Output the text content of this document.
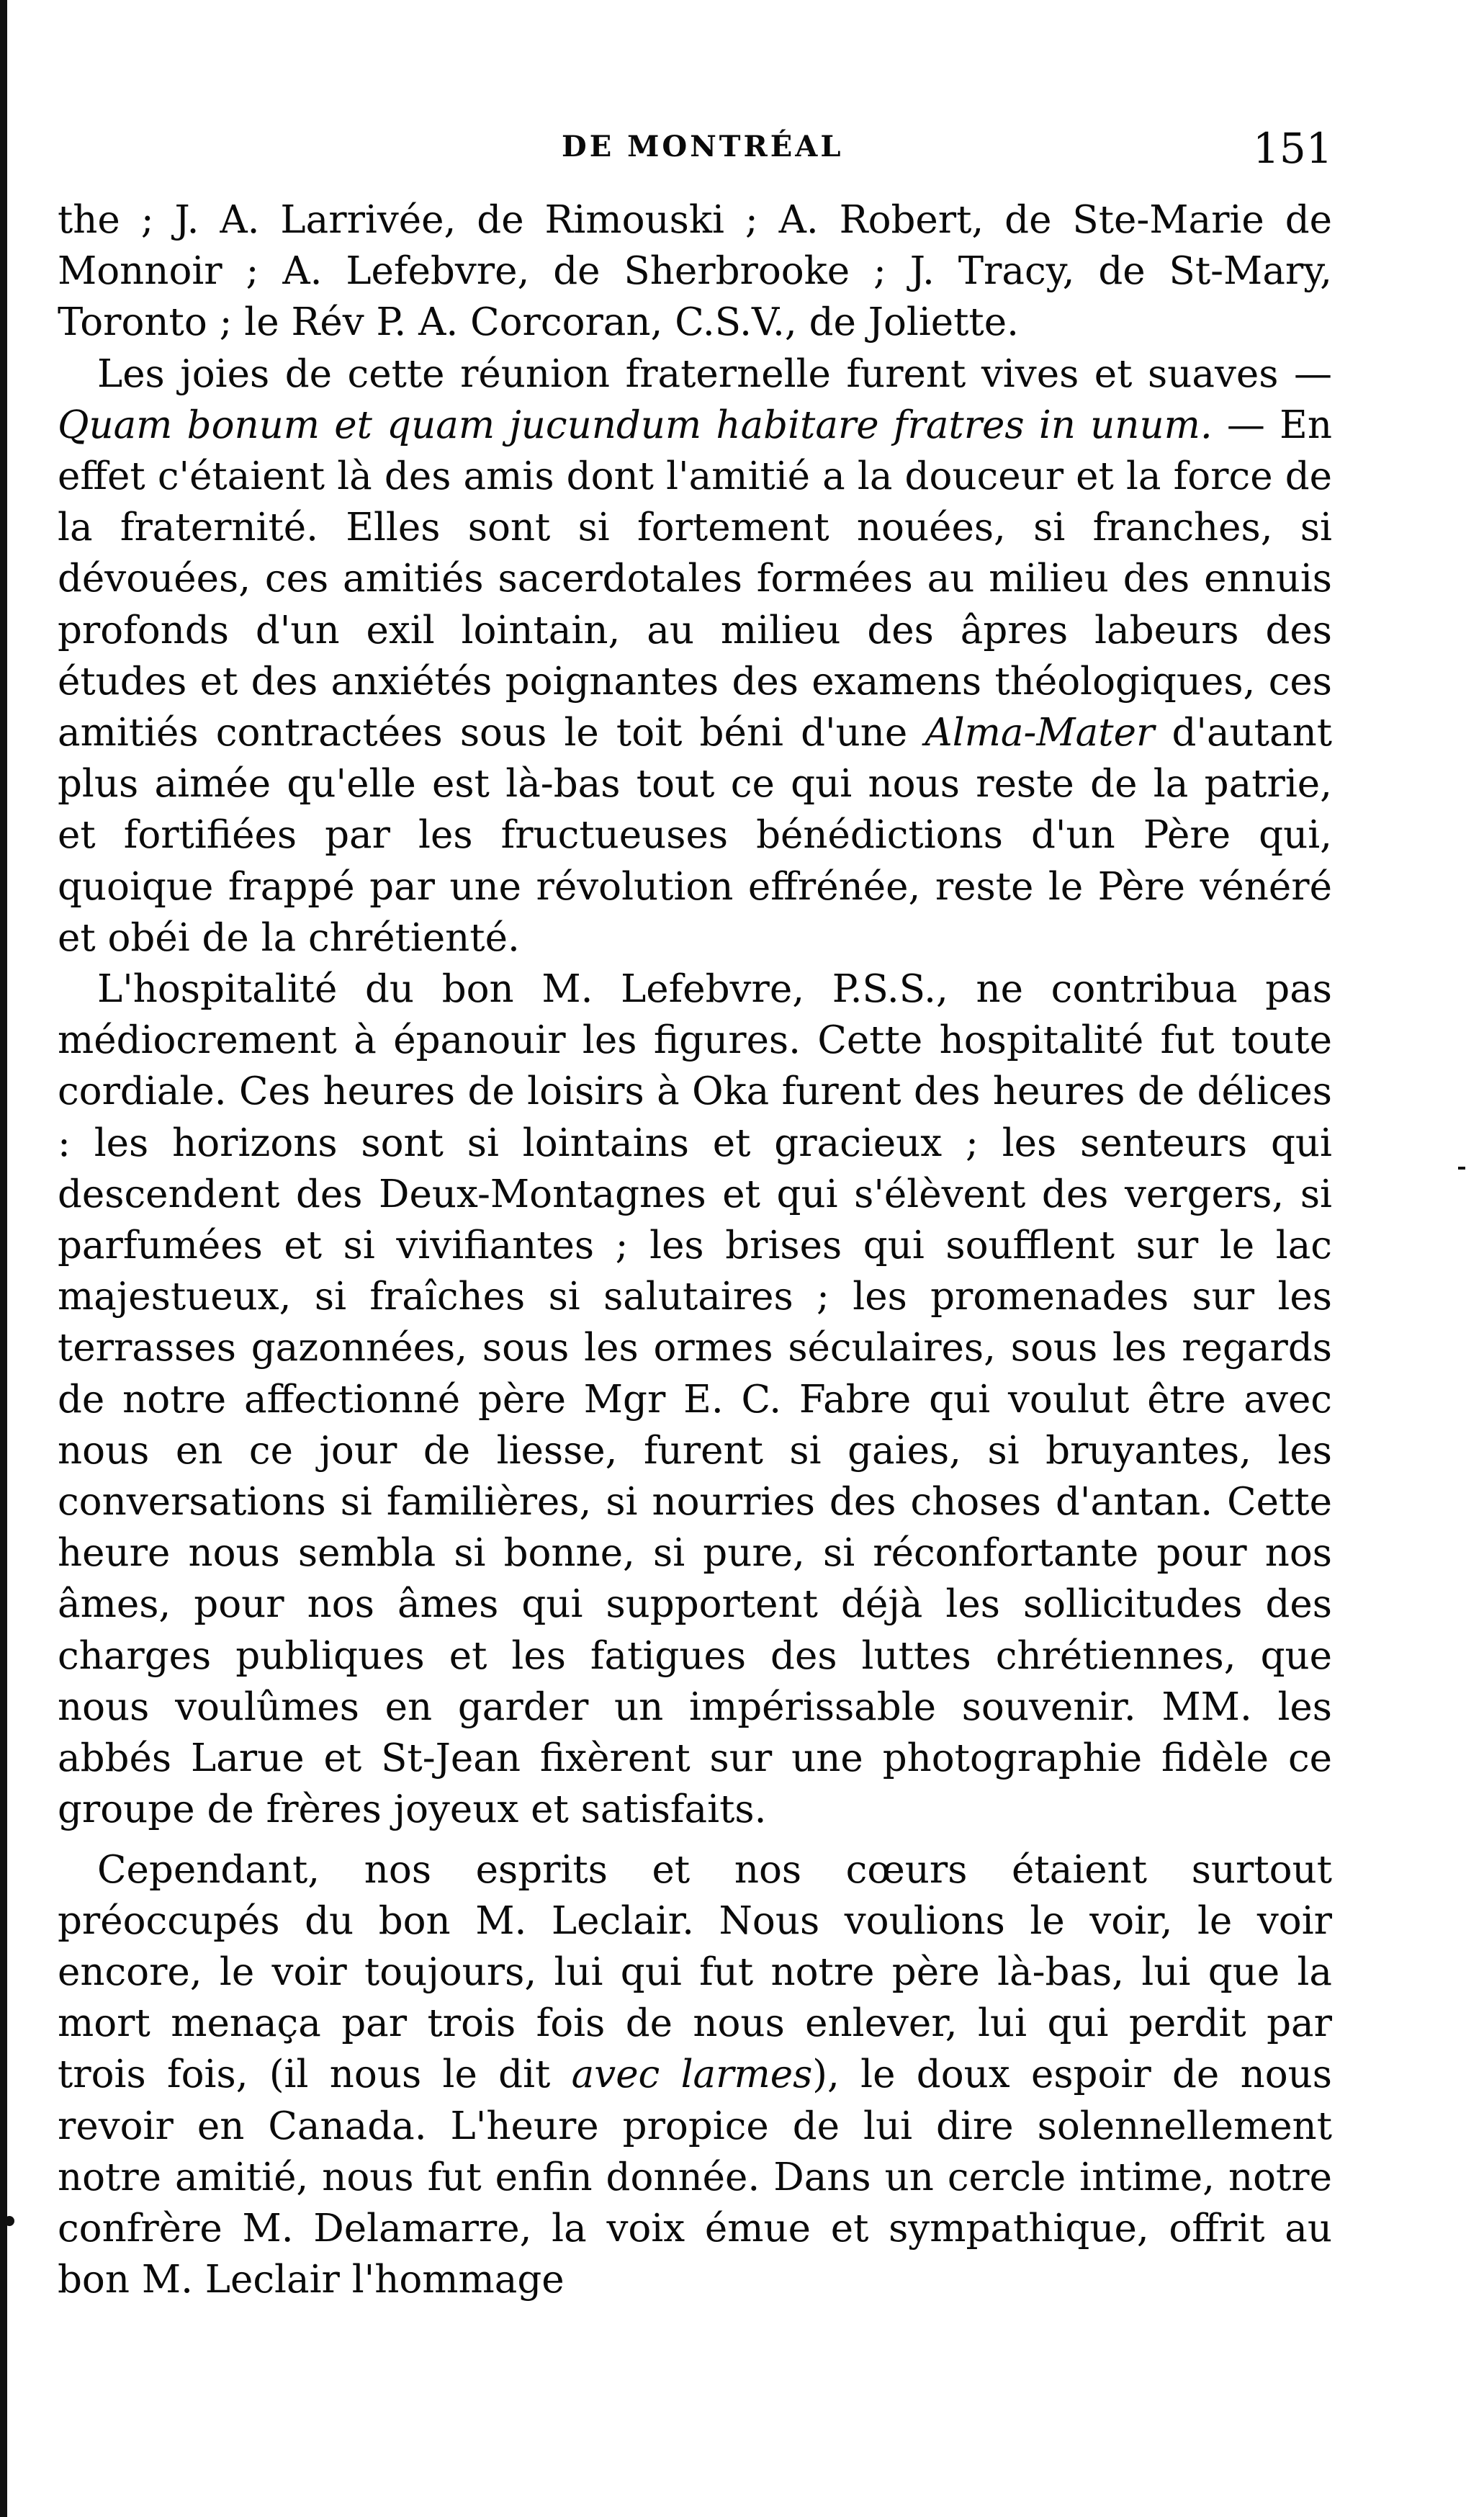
DE MONTRÉAL	151

the ; J. A. Larrivée, de Rimouski ; A. Robert, de Ste-Marie de Monnoir ; A. Lefebvre, de Sherbrooke ; J. Tracy, de St-Mary, Toronto ; le Rév P. A. Corcoran, C.S.V., de Joliette.

Les joies de cette réunion fraternelle furent vives et suaves — Quam bonum et quam jucundum habitare fratres in unum. — En effet c'étaient là des amis dont l'amitié a la douceur et la force de la fraternité. Elles sont si fortement nouées, si franches, si dévouées, ces amitiés sacerdotales formées au milieu des ennuis profonds d'un exil lointain, au milieu des âpres labeurs des études et des anxiétés poignantes des examens théologiques, ces amitiés contractées sous le toit béni d'une Alma-Mater d'autant plus aimée qu'elle est là-bas tout ce qui nous reste de la patrie, et fortifiées par les fructueuses bénédictions d'un Père qui, quoique frappé par une révolution effrénée, reste le Père vénéré et obéi de la chrétienté.

L'hospitalité du bon M. Lefebvre, P.S.S., ne contribua pas médiocrement à épanouir les figures. Cette hospitalité fut toute cordiale. Ces heures de loisirs à Oka furent des heures de délices : les horizons sont si lointains et gracieux ; les senteurs qui descendent des Deux-Montagnes et qui s'élèvent des vergers, si parfumées et si vivifiantes ; les brises qui soufflent sur le lac majestueux, si fraîches si salutaires ; les promenades sur les terrasses gazonnées, sous les ormes séculaires, sous les regards de notre affectionné père Mgr E. C. Fabre qui voulut être avec nous en ce jour de liesse, furent si gaies, si bruyantes, les conversations si familières, si nourries des choses d'antan. Cette heure nous sembla si bonne, si pure, si réconfortante pour nos âmes, pour nos âmes qui supportent déjà les sollicitudes des charges publiques et les fatigues des luttes chrétiennes, que nous voulûmes en garder un impérissable souvenir. MM. les abbés Larue et St-Jean fixèrent sur une photographie fidèle ce groupe de frères joyeux et satisfaits.

Cependant, nos esprits et nos cœurs étaient surtout préoccupés du bon M. Leclair. Nous voulions le voir, le voir encore, le voir toujours, lui qui fut notre père là-bas, lui que la mort menaça par trois fois de nous enlever, lui qui perdit par trois fois, (il nous le dit avec larmes), le doux espoir de nous revoir en Canada. L'heure propice de lui dire solennellement notre amitié, nous fut enfin donnée. Dans un cercle intime, notre confrère M. Delamarre, la voix émue et sympathique, offrit au bon M. Leclair l'hommage
